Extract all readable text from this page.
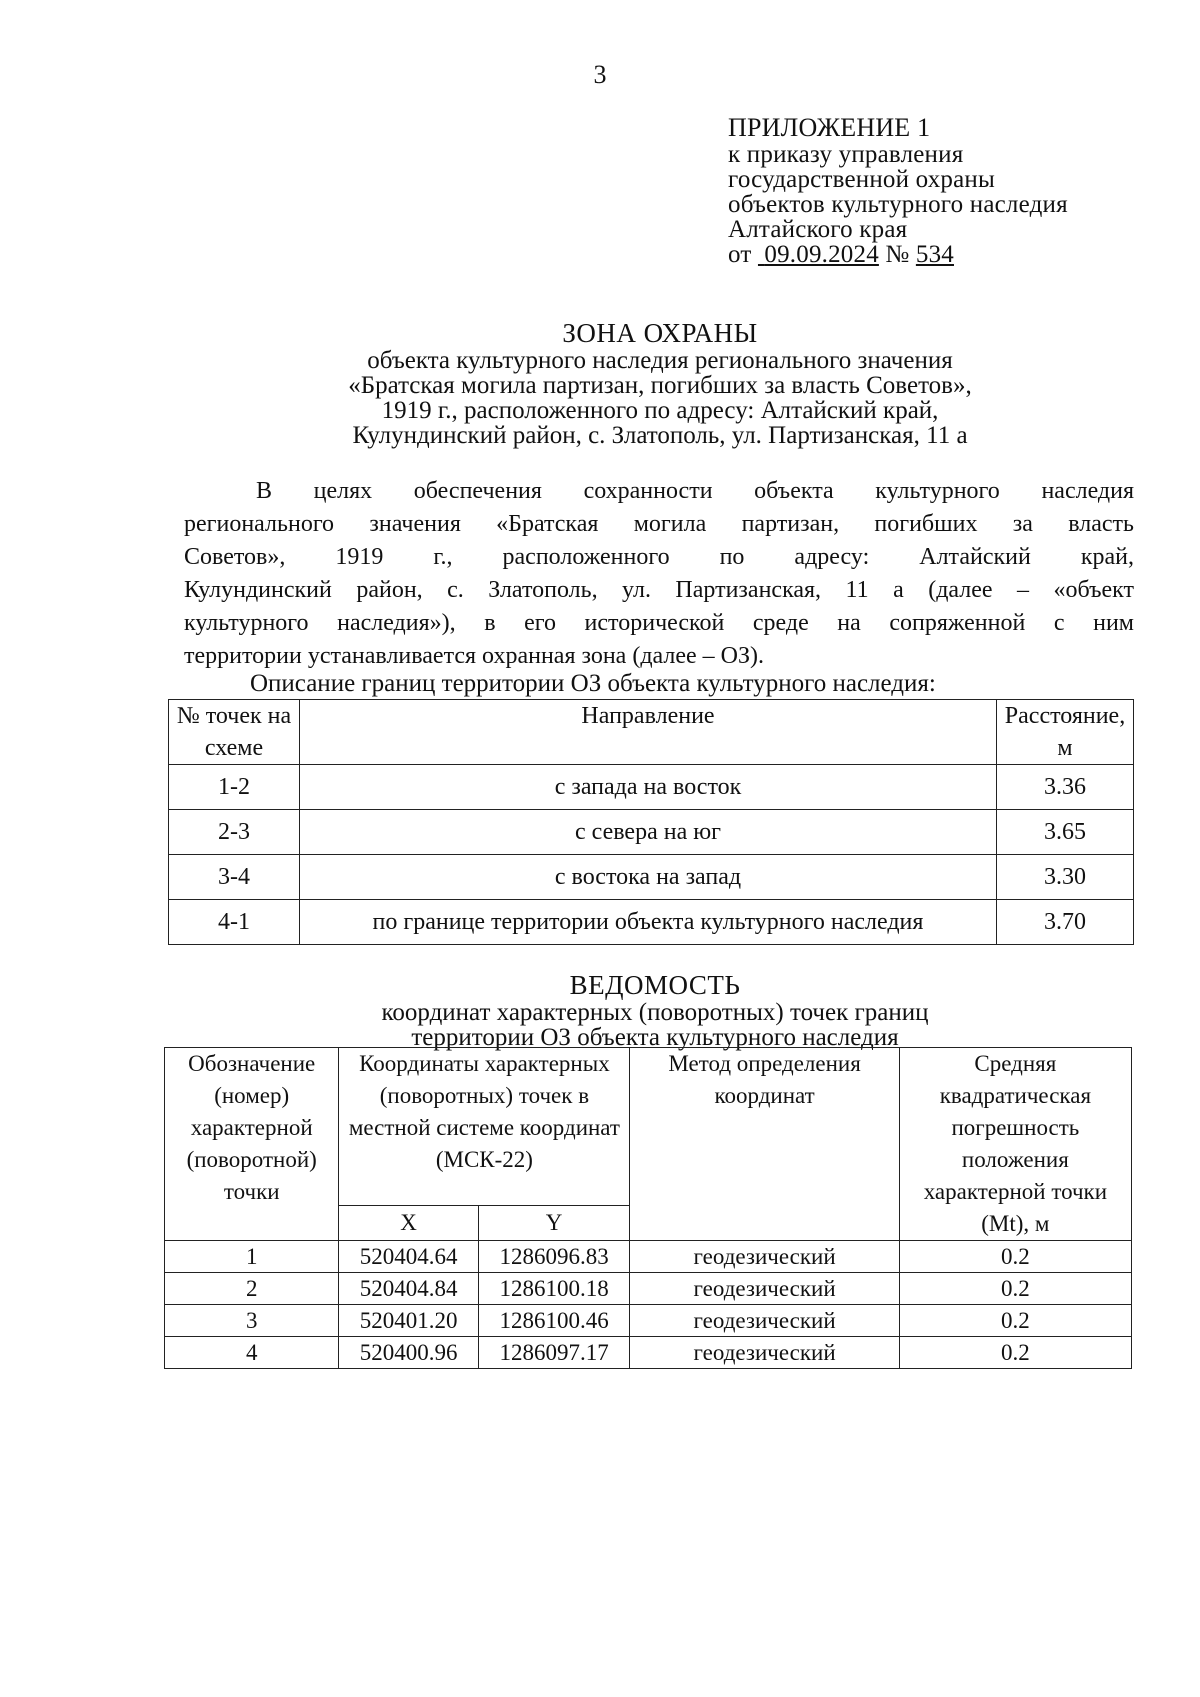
3
ПРИЛОЖЕНИЕ 1
к приказу управления
государственной охраны
объектов культурного наследия
Алтайского края
от 09.09.2024 № 534
ЗОНА ОХРАНЫ
объекта культурного наследия регионального значения
«Братская могила партизан, погибших за власть Советов»,
1919 г., расположенного по адресу: Алтайский край,
Кулундинский район, с. Златополь, ул. Партизанская, 11 а
В целях обеспечения сохранности объекта культурного наследия
регионального значения «Братская могила партизан, погибших за власть
Советов», 1919 г., расположенного по адресу: Алтайский край,
Кулундинский район, с. Златополь, ул. Партизанская, 11 а (далее – «объект
культурного наследия»), в его исторической среде на сопряженной с ним
территории устанавливается охранная зона (далее – ОЗ).
Описание границ территории ОЗ объекта культурного наследия:
№ точек на схеме	Направление	Расстояние, м
1-2	с запада на восток	3.36
2-3	с севера на юг	3.65
3-4	с востока на запад	3.30
4-1	по границе территории объекта культурного наследия	3.70
ВЕДОМОСТЬ
координат характерных (поворотных) точек границ
территории ОЗ объекта культурного наследия
Обозначение (номер) характерной (поворотной) точки	Координаты характерных (поворотных) точек в местной системе координат (МСК-22)		Метод определения координат	Средняя квадратическая погрешность положения характерной точки (Mt), м
	X	Y		
1	520404.64	1286096.83	геодезический	0.2
2	520404.84	1286100.18	геодезический	0.2
3	520401.20	1286100.46	геодезический	0.2
4	520400.96	1286097.17	геодезический	0.2
